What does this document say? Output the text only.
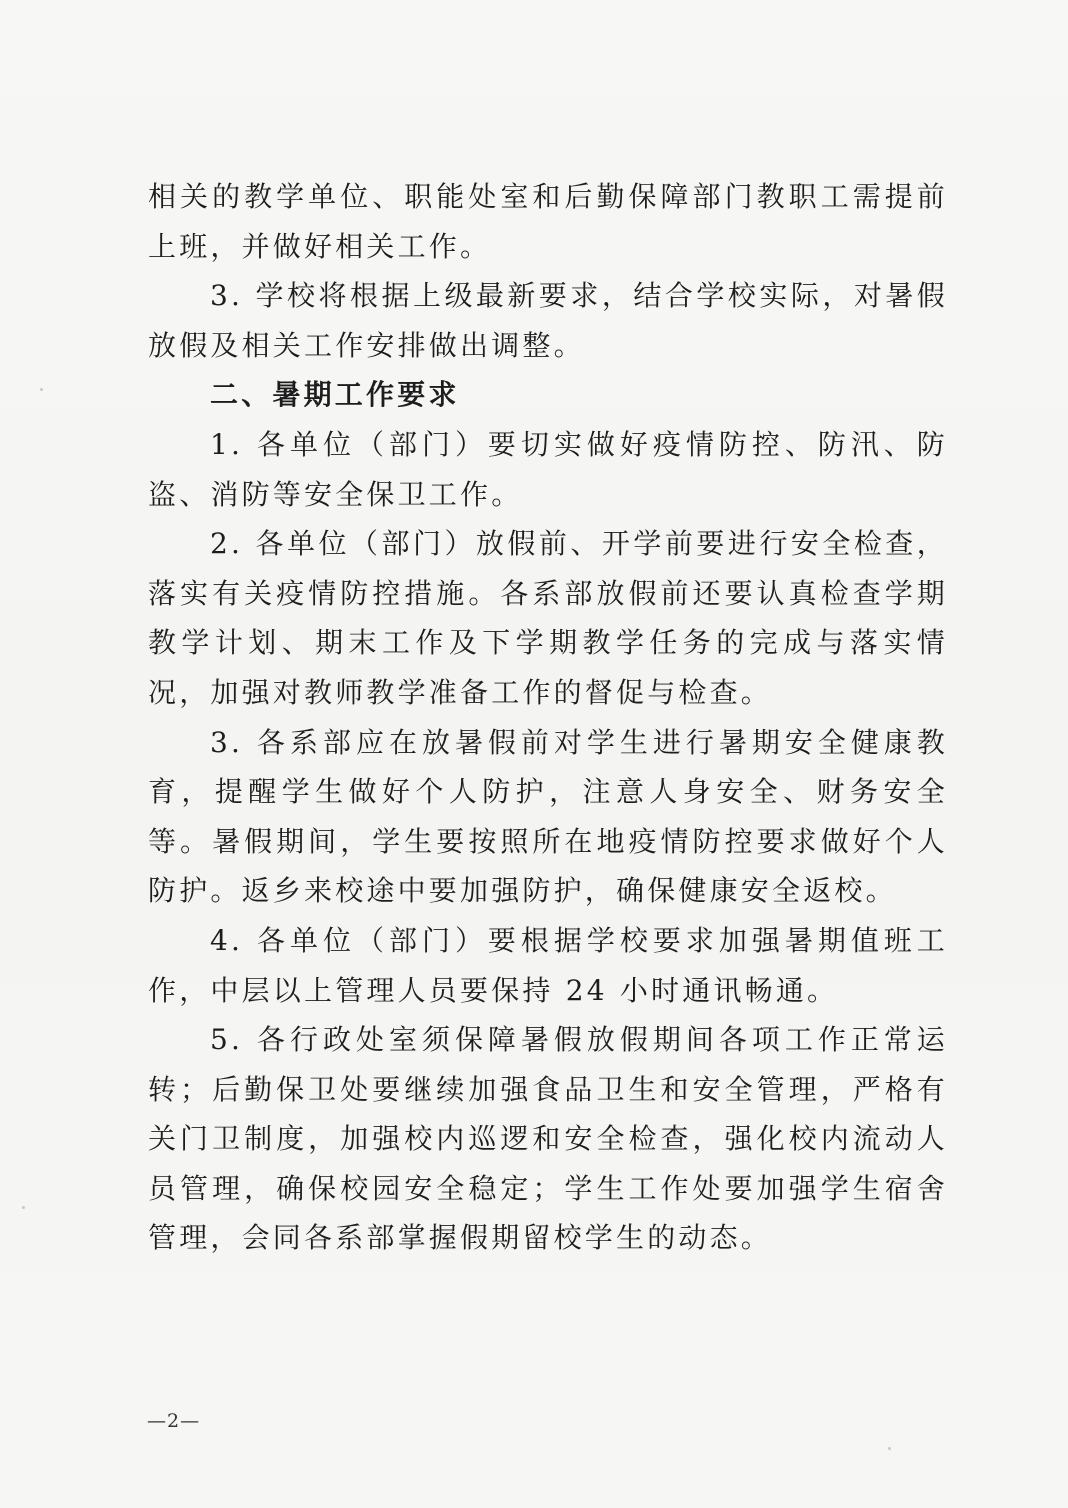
相关的教学单位、职能处室和后勤保障部门教职工需提前上班，并做好相关工作。

3. 学校将根据上级最新要求，结合学校实际，对暑假放假及相关工作安排做出调整。

二、暑期工作要求

1. 各单位（部门）要切实做好疫情防控、防汛、防盗、消防等安全保卫工作。

2. 各单位（部门）放假前、开学前要进行安全检查，落实有关疫情防控措施。各系部放假前还要认真检查学期教学计划、期末工作及下学期教学任务的完成与落实情况，加强对教师教学准备工作的督促与检查。

3. 各系部应在放暑假前对学生进行暑期安全健康教育，提醒学生做好个人防护，注意人身安全、财务安全等。暑假期间，学生要按照所在地疫情防控要求做好个人防护。返乡来校途中要加强防护，确保健康安全返校。

4. 各单位（部门）要根据学校要求加强暑期值班工作，中层以上管理人员要保持 24 小时通讯畅通。

5. 各行政处室须保障暑假放假期间各项工作正常运转；后勤保卫处要继续加强食品卫生和安全管理，严格有关门卫制度，加强校内巡逻和安全检查，强化校内流动人员管理，确保校园安全稳定；学生工作处要加强学生宿舍管理，会同各系部掌握假期留校学生的动态。

—2—
